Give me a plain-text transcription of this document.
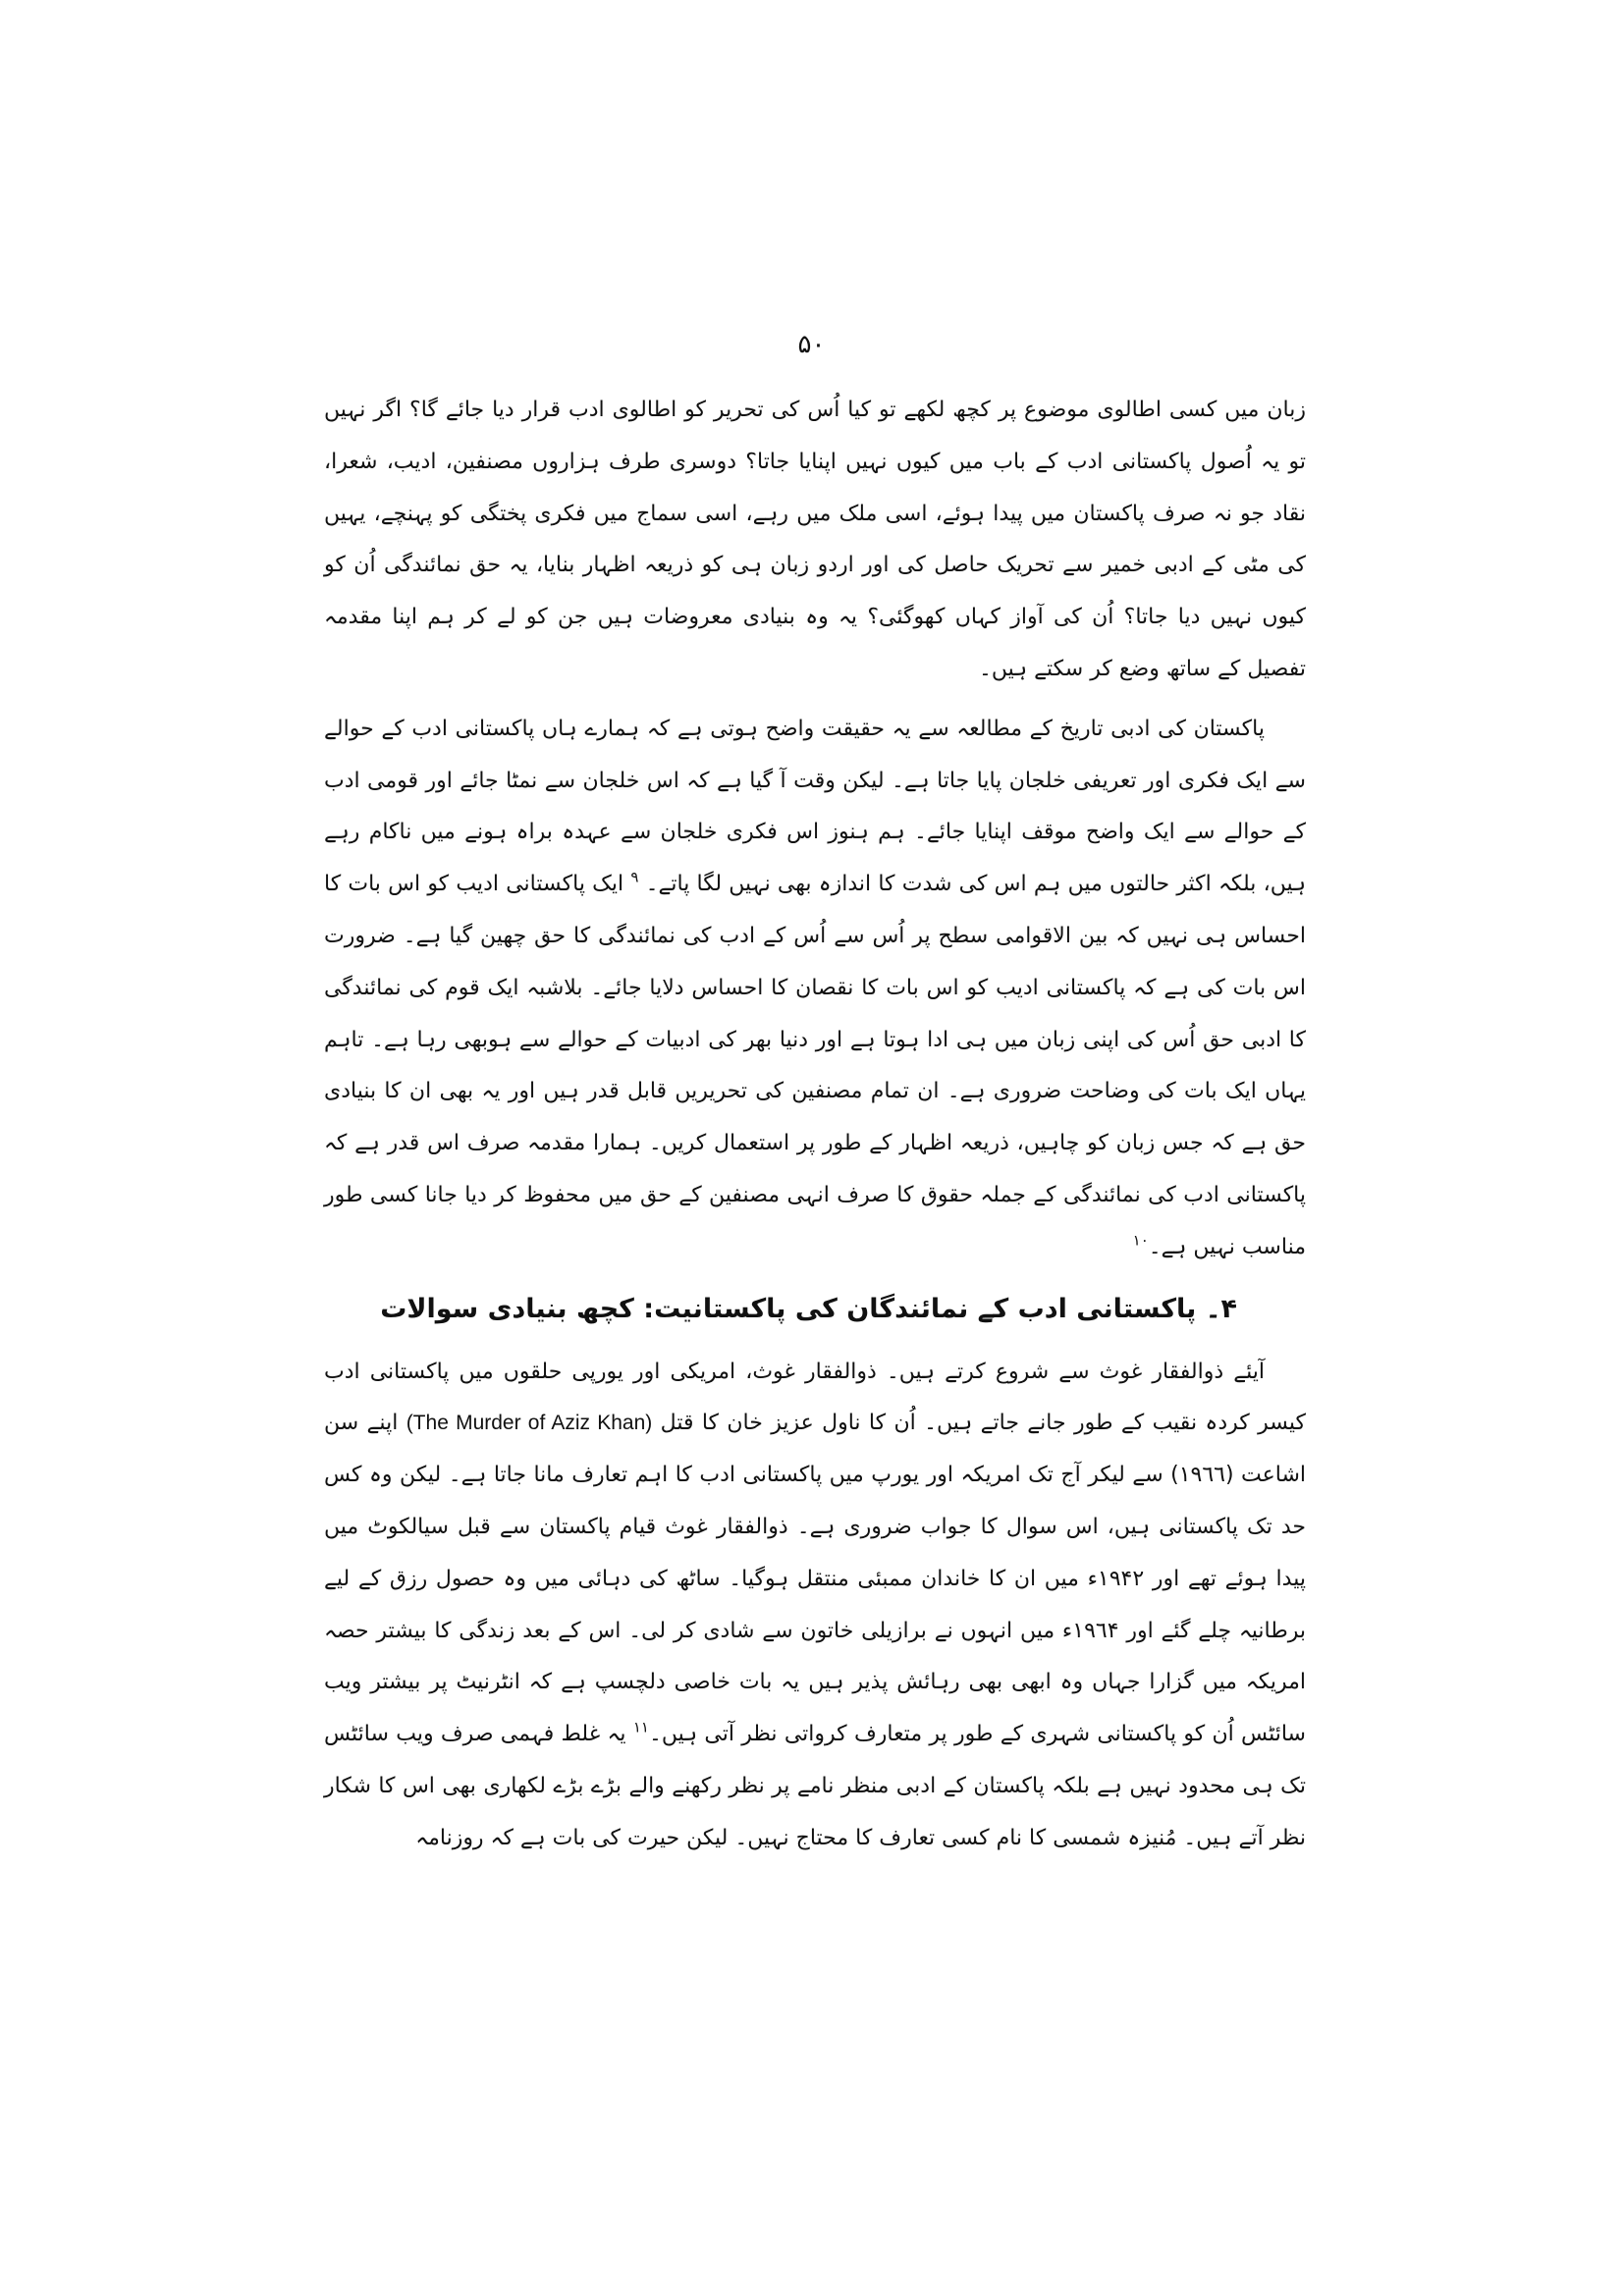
۵۰

زبان میں کسی اطالوی موضوع پر کچھ لکھے تو کیا اُس کی تحریر کو اطالوی ادب قرار دیا جائے گا؟ اگر نہیں تو یہ اُصول پاکستانی ادب کے باب میں کیوں نہیں اپنایا جاتا؟ دوسری طرف ہزاروں مصنفین، ادیب، شعرا، نقاد جو نہ صرف پاکستان میں پیدا ہوئے، اسی ملک میں رہے، اسی سماج میں فکری پختگی کو پہنچے، یہیں کی مٹی کے ادبی خمیر سے تحریک حاصل کی اور اردو زبان ہی کو ذریعہ اظہار بنایا، یہ حق نمائندگی اُن کو کیوں نہیں دیا جاتا؟ اُن کی آواز کہاں کھوگئی؟ یہ وہ بنیادی معروضات ہیں جن کو لے کر ہم اپنا مقدمہ تفصیل کے ساتھ وضع کر سکتے ہیں۔

پاکستان کی ادبی تاریخ کے مطالعہ سے یہ حقیقت واضح ہوتی ہے کہ ہمارے ہاں پاکستانی ادب کے حوالے سے ایک فکری اور تعریفی خلجان پایا جاتا ہے۔ لیکن وقت آ گیا ہے کہ اس خلجان سے نمٹا جائے اور قومی ادب کے حوالے سے ایک واضح موقف اپنایا جائے۔ ہم ہنوز اس فکری خلجان سے عہدہ براہ ہونے میں ناکام رہے ہیں، بلکہ اکثر حالتوں میں ہم اس کی شدت کا اندازہ بھی نہیں لگا پاتے۔ $^۹$ ایک پاکستانی ادیب کو اس بات کا احساس ہی نہیں کہ بین الاقوامی سطح پر اُس سے اُس کے ادب کی نمائندگی کا حق چھین گیا ہے۔ ضرورت اس بات کی ہے کہ پاکستانی ادیب کو اس بات کا نقصان کا احساس دلایا جائے۔ بلاشبہ ایک قوم کی نمائندگی کا ادبی حق اُس کی اپنی زبان میں ہی ادا ہوتا ہے اور دنیا بھر کی ادبیات کے حوالے سے ہوبھی رہا ہے۔ تاہم یہاں ایک بات کی وضاحت ضروری ہے۔ ان تمام مصنفین کی تحریریں قابل قدر ہیں اور یہ بھی ان کا بنیادی حق ہے کہ جس زبان کو چاہیں، ذریعہ اظہار کے طور پر استعمال کریں۔ ہمارا مقدمہ صرف اس قدر ہے کہ پاکستانی ادب کی نمائندگی کے جملہ حقوق کا صرف انہی مصنفین کے حق میں محفوظ کر دیا جانا کسی طور مناسب نہیں ہے۔$^{۱۰}$

۴۔ پاکستانی ادب کے نمائندگان کی پاکستانیت: کچھ بنیادی سوالات

آیئے ذوالفقار غوث سے شروع کرتے ہیں۔ ذوالفقار غوث، امریکی اور یورپی حلقوں میں پاکستانی ادب کیسر کردہ نقیب کے طور جانے جاتے ہیں۔ اُن کا ناول عزیز خان کا قتل (The Murder of Aziz Khan) اپنے سن اشاعت (۱۹٦٦) سے لیکر آج تک امریکہ اور یورپ میں پاکستانی ادب کا اہم تعارف مانا جاتا ہے۔ لیکن وہ کس حد تک پاکستانی ہیں، اس سوال کا جواب ضروری ہے۔ ذوالفقار غوث قیام پاکستان سے قبل سیالکوٹ میں پیدا ہوئے تھے اور ۱۹۴۲ء میں ان کا خاندان ممبئی منتقل ہوگیا۔ ساٹھ کی دہائی میں وہ حصول رزق کے لیے برطانیہ چلے گئے اور ۱۹٦۴ء میں انہوں نے برازیلی خاتون سے شادی کر لی۔ اس کے بعد زندگی کا بیشتر حصہ امریکہ میں گزارا جہاں وہ ابھی بھی رہائش پذیر ہیں یہ بات خاصی دلچسپ ہے کہ انٹرنیٹ پر بیشتر ویب سائٹس اُن کو پاکستانی شہری کے طور پر متعارف کرواتی نظر آتی ہیں۔$^{۱۱}$ یہ غلط فہمی صرف ویب سائٹس تک ہی محدود نہیں ہے بلکہ پاکستان کے ادبی منظر نامے پر نظر رکھنے والے بڑے بڑے لکھاری بھی اس کا شکار نظر آتے ہیں۔ مُنیزہ شمسی کا نام کسی تعارف کا محتاج نہیں۔ لیکن حیرت کی بات ہے کہ روزنامہ
